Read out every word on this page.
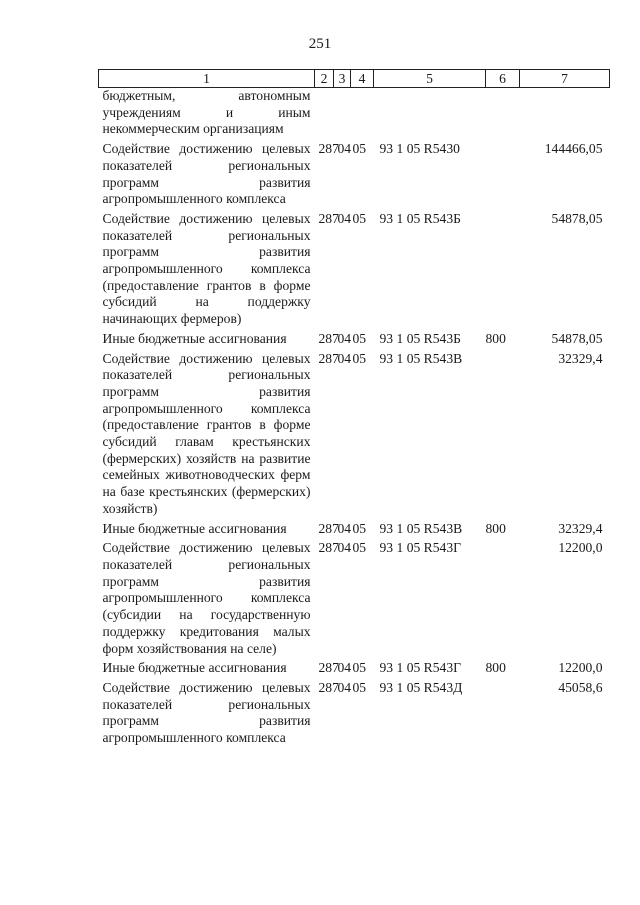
251
1	2	3	4	5	6	7
бюджетным, автономным учреждениям и иным некоммерческим организациям						
Содействие достижению целевых показателей региональных программ развития агропромышленного комплекса	287	04	05	93 1 05 R5430		144466,05
Содействие достижению целевых показателей региональных программ развития агропромышленного комплекса (предоставление грантов в форме субсидий на поддержку начинающих фермеров)	287	04	05	93 1 05 R543Б		54878,05
Иные бюджетные ассигнования	287	04	05	93 1 05 R543Б	800	54878,05
Содействие достижению целевых показателей региональных программ развития агропромышленного комплекса (предоставление грантов в форме субсидий главам крестьянских (фермерских) хозяйств на развитие семейных животноводческих ферм на базе крестьянских (фермерских) хозяйств)	287	04	05	93 1 05 R543В		32329,4
Иные бюджетные ассигнования	287	04	05	93 1 05 R543В	800	32329,4
Содействие достижению целевых показателей региональных программ развития агропромышленного комплекса (субсидии на государственную поддержку кредитования малых форм хозяйствования на селе)	287	04	05	93 1 05 R543Г		12200,0
Иные бюджетные ассигнования	287	04	05	93 1 05 R543Г	800	12200,0
Содействие достижению целевых показателей региональных программ развития агропромышленного комплекса	287	04	05	93 1 05 R543Д		45058,6
